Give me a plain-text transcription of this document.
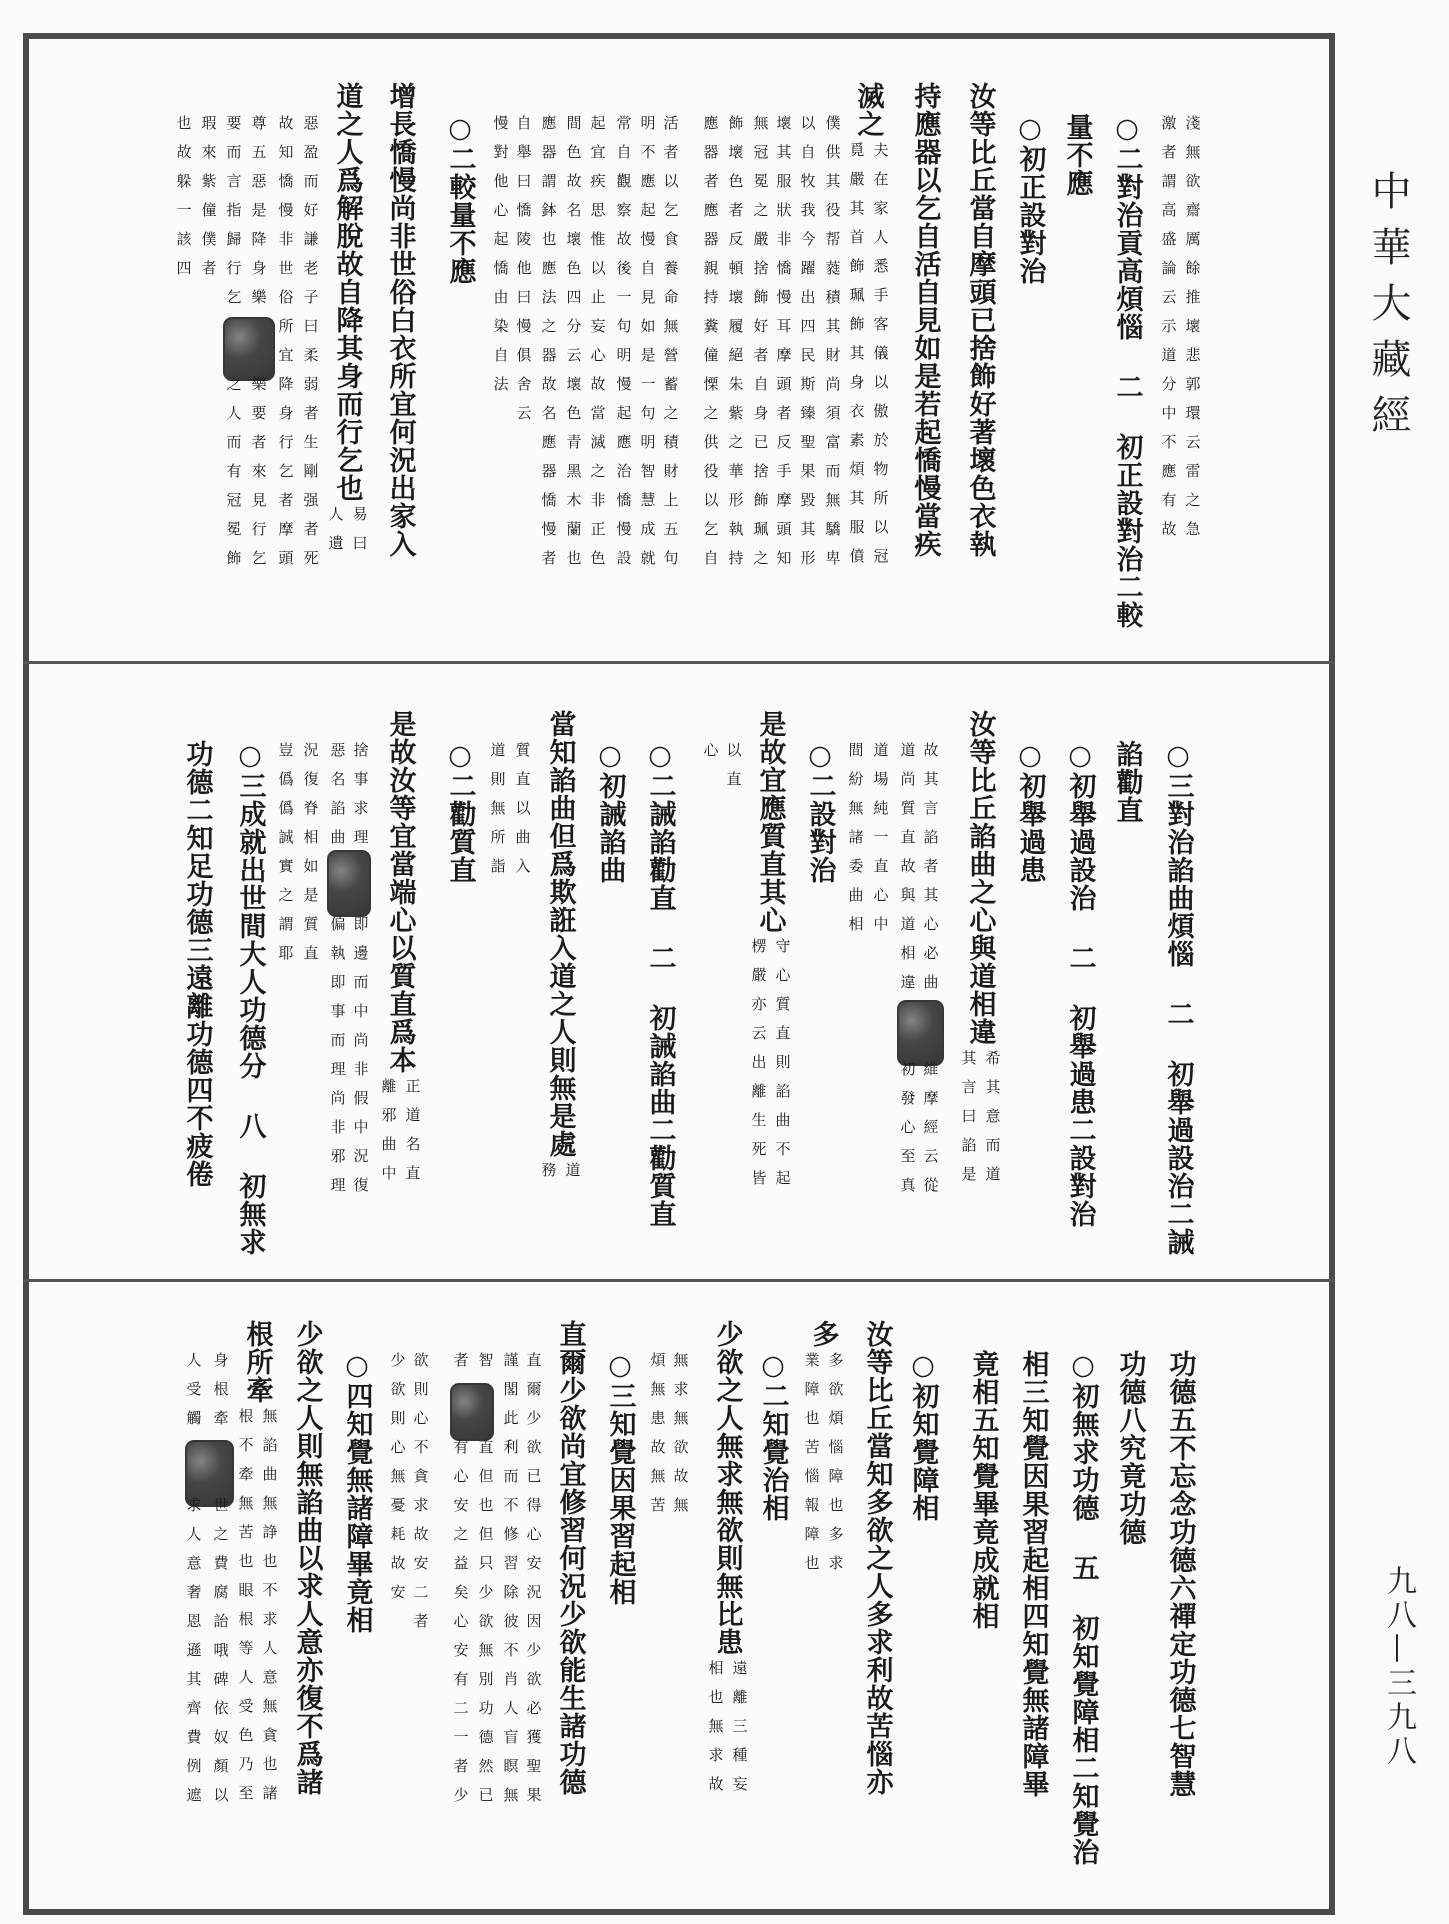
中華大藏經
九八—三九八
淺無欲齋厲餘推壞悲郭環云雷之急
激者謂高盛論云示道分中不應有故
○二對治貢高煩惱 二 初正設對治二較
量不應
○初正設對治
汝等比丘當自摩頭已捨飾好著壞色衣執
持應器以乞自活自見如是若起憍慢當疾
滅之
夫在家人悉手客儀以傲於物所以冠
覓嚴其首飾珮飾其身衣素煩其服僨
僕供其役帮蕤積其財尚須富而無驕卑
以自牧我今躍出四民斯臻聖果毀其形
壞其服狀非憍慢耳摩頭者反手摩頭知
無冠冕之嚴捨飾好者自身已捨飾珮之
飾壞色者反頓壞履絕朱紫之華形執持
應器者應器親持糞僮慄之供役以乞自
活者以乞食養命無營蓄之積財上五句
明不應起慢自見如是一句明智慧成就
常自觀察故後一句明慢起應治憍慢設
起宜疾思惟以止妄心故當滅之非正色
間色故名壞色四分云壞色青黑木蘭也
應器謂鉢也應法之器故名應器憍慢者
自舉曰憍陵他曰慢俱舍云
慢對他心起憍由染自法
○二較量不應
增長憍慢尚非世俗白衣所宜何況出家入
道之人爲解脫故自降其身而行乞也
易曰
人遺
惡盈而好謙老子曰柔弱者生剛强者死
故知憍慢非世俗所宜降身行乞者摩頭
尊五惡是降身樂　　樂要者來見行乞
要而言指歸行乞　　之人而有冠冕飾
瑕來紫僮僕者
也故躲一該四
○三對治諂曲煩惱 二 初舉過設治二誡
諂勸直
○初舉過設治 二 初舉過患二設對治
○初舉過患
汝等比丘諂曲之心與道相違
希其意而道
其言曰諂是
故其言諂者其心必曲　　維摩經云從
道尚質直故與道相違　　初發心至真
道場純一直心中
間紛無諸委曲相
○二設對治
是故宜應質直其心
守心質直則諂曲不起
楞嚴亦云出離生死皆
以直
心
○二誡諂勸直 二 初誡諂曲二勸質直
○初誡諂曲
當知諂曲但爲欺誑入道之人則無是處
道
務
質直以曲入
道則無所詣
○二勸質直
是故汝等宜當端心以質直爲本
正道名直
離邪曲中
捨事求理　　即邊而中尚非假中況復
惡名諂曲　　偏執即事而理尚非邪理
況復脊相如是質直
豈僞僞誠實之謂耶
○三成就出世間大人功德分 八 初無求
功德二知足功德三遠離功德四不疲倦
功德五不忘念功德六禪定功德七智慧
功德八究竟功德
○初無求功德 五 初知覺障相二知覺治
相三知覺因果習起相四知覺無諸障畢
竟相五知覺畢竟成就相
○初知覺障相
汝等比丘當知多欲之人多求利故苦惱亦
多
多欲煩惱障也多求
業障也苦惱報障也
○二知覺治相
少欲之人無求無欲則無比患
遠離三種妄
相也無求故
無求無欲故無
煩無患故無苦
○三知覺因果習起相
直爾少欲尚宜修習何況少欲能生諸功德
直爾少欲已得心安況因少欲必獲聖果
謹閣此利而不修習除彼不肖人盲瞑無
智　　直但也但只少欲無別功德然已
者　　有心安之益矣心安有二一者少
欲則心不貪求故安二者
少欲則心無憂耗故安
○四知覺無諸障畢竟相
少欲之人則無諂曲以求人意亦復不爲諸
根所牽
無諂曲無諍也不求人意無貪也諸
根不牽無苦也眼根等人受色乃至
身根牽　　世之費腐詒哦碑依奴顏以
人受觸　　求人意奢恩遜其齊費例遮
